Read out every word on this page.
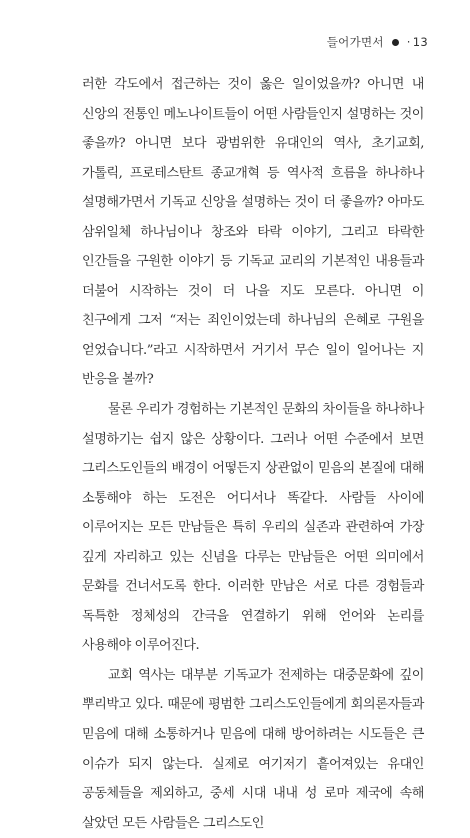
들어가면서 · 13

러한 각도에서 접근하는 것이 옳은 일이었을까? 아니면 내 신앙의 전통인 메노나이트들이 어떤 사람들인지 설명하는 것이 좋을까? 아니면 보다 광범위한 유대인의 역사, 초기교회, 가톨릭, 프로테스탄트 종교개혁 등 역사적 흐름을 하나하나 설명해가면서 기독교 신앙을 설명하는 것이 더 좋을까? 아마도 삼위일체 하나님이나 창조와 타락 이야기, 그리고 타락한 인간들을 구원한 이야기 등 기독교 교리의 기본적인 내용들과 더불어 시작하는 것이 더 나을 지도 모른다. 아니면 이 친구에게 그저 “저는 죄인이었는데 하나님의 은혜로 구원을 얻었습니다.”라고 시작하면서 거기서 무슨 일이 일어나는 지 반응을 볼까?

물론 우리가 경험하는 기본적인 문화의 차이들을 하나하나 설명하기는 쉽지 않은 상황이다. 그러나 어떤 수준에서 보면 그리스도인들의 배경이 어떻든지 상관없이 믿음의 본질에 대해 소통해야 하는 도전은 어디서나 똑같다. 사람들 사이에 이루어지는 모든 만남들은 특히 우리의 실존과 관련하여 가장 깊게 자리하고 있는 신념을 다루는 만남들은 어떤 의미에서 문화를 건너서도록 한다. 이러한 만남은 서로 다른 경험들과 독특한 정체성의 간극을 연결하기 위해 언어와 논리를 사용해야 이루어진다.

교회 역사는 대부분 기독교가 전제하는 대중문화에 깊이 뿌리박고 있다. 때문에 평범한 그리스도인들에게 회의론자들과 믿음에 대해 소통하거나 믿음에 대해 방어하려는 시도들은 큰 이슈가 되지 않는다. 실제로 여기저기 흩어져있는 유대인 공동체들을 제외하고, 중세 시대 내내 성 로마 제국에 속해 살았던 모든 사람들은 그리스도인
